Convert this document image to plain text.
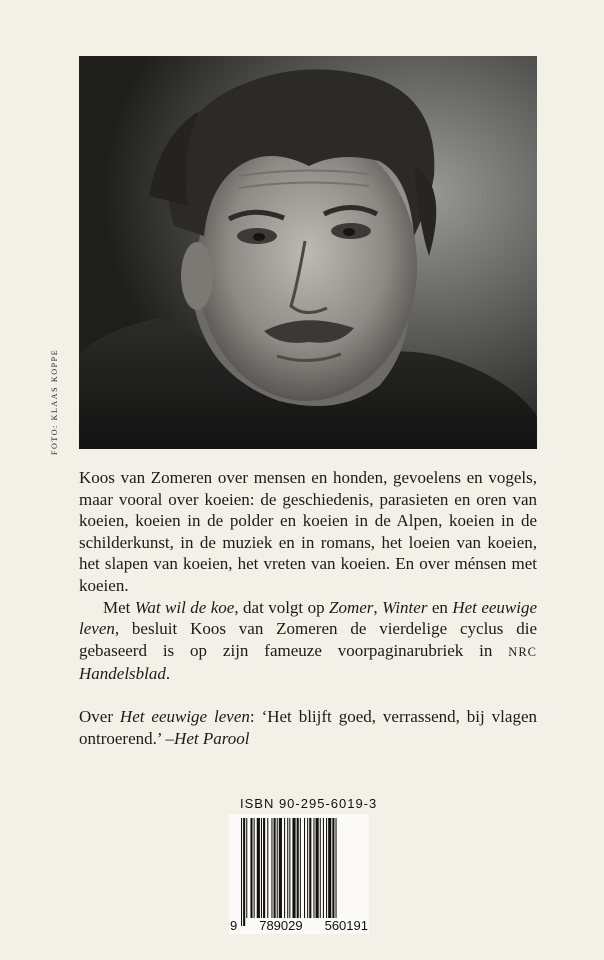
FOTO: KLAAS KOPPE

Koos van Zomeren over mensen en honden, gevoelens en vogels, maar vooral over koeien: de geschiedenis, parasieten en oren van koeien, koeien in de polder en koeien in de Alpen, koeien in de schilderkunst, in de muziek en in romans, het loeien van koeien, het slapen van koeien, het vreten van koeien. En over ménsen met koeien.

Met Wat wil de koe, dat volgt op Zomer, Winter en Het eeuwige leven, besluit Koos van Zomeren de vierdelige cyclus die gebaseerd is op zijn fameuze voorpaginarubriek in NRC Handelsblad.

Over Het eeuwige leven: ‘Het blijft goed, verrassend, bij vlagen ontroerend.’ –Het Parool

ISBN 90-295-6019-3
9 789029 560191
